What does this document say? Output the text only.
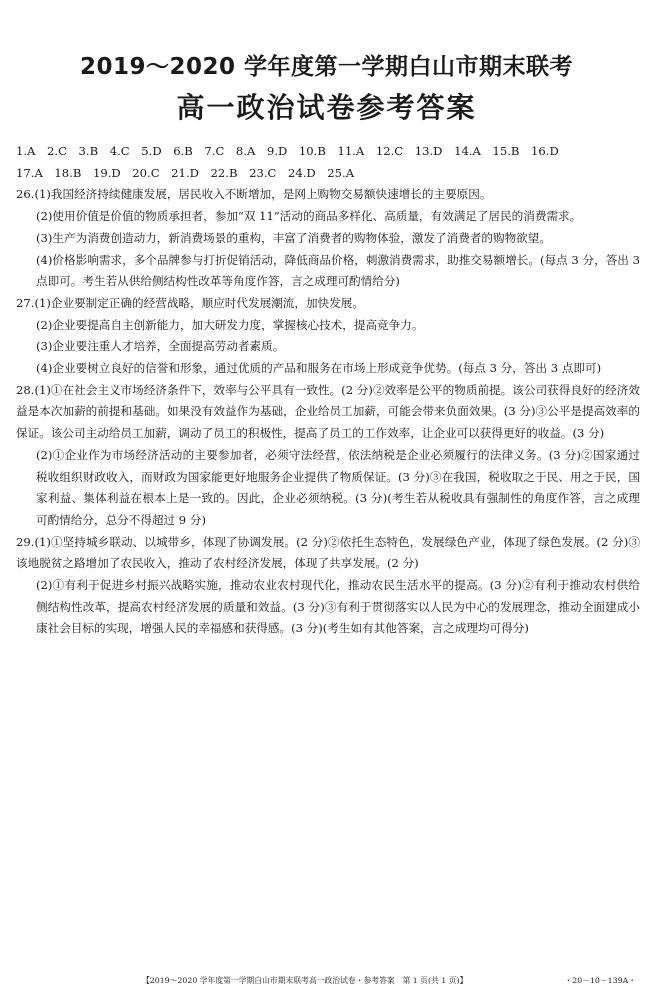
2019～2020 学年度第一学期白山市期末联考
高一政治试卷参考答案
1.A　2.C　3.B　4.C　5.D　6.B　7.C　8.A　9.D　10.B　11.A　12.C　13.D　14.A　15.B　16.D
17.A　18.B　19.D　20.C　21.D　22.B　23.C　24.D　25.A

26.(1)我国经济持续健康发展，居民收入不断增加，是网上购物交易额快速增长的主要原因。

(2)使用价值是价值的物质承担者，参加“双 11”活动的商品多样化、高质量，有效满足了居民的消费需求。

(3)生产为消费创造动力，新消费场景的重构，丰富了消费者的购物体验，激发了消费者的购物欲望。

(4)价格影响需求，多个品牌参与打折促销活动，降低商品价格，刺激消费需求，助推交易额增长。(每点 3 分，答出 3 点即可。考生若从供给侧结构性改革等角度作答，言之成理可酌情给分)

27.(1)企业要制定正确的经营战略，顺应时代发展潮流，加快发展。

(2)企业要提高自主创新能力，加大研发力度，掌握核心技术，提高竞争力。

(3)企业要注重人才培养，全面提高劳动者素质。

(4)企业要树立良好的信誉和形象，通过优质的产品和服务在市场上形成竞争优势。(每点 3 分，答出 3 点即可)

28.(1)①在社会主义市场经济条件下，效率与公平具有一致性。(2 分)②效率是公平的物质前提。该公司获得良好的经济效益是本次加薪的前提和基础。如果没有效益作为基础，企业给员工加薪，可能会带来负面效果。(3 分)③公平是提高效率的保证。该公司主动给员工加薪，调动了员工的积极性，提高了员工的工作效率，让企业可以获得更好的收益。(3 分)

(2)①企业作为市场经济活动的主要参加者，必须守法经营，依法纳税是企业必须履行的法律义务。(3 分)②国家通过税收组织财政收入，而财政为国家能更好地服务企业提供了物质保证。(3 分)③在我国，税收取之于民、用之于民，国家利益、集体利益在根本上是一致的。因此，企业必须纳税。(3 分)(考生若从税收具有强制性的角度作答，言之成理可酌情给分，总分不得超过 9 分)

29.(1)①坚持城乡联动、以城带乡，体现了协调发展。(2 分)②依托生态特色，发展绿色产业，体现了绿色发展。(2 分)③该地脱贫之路增加了农民收入，推动了农村经济发展，体现了共享发展。(2 分)

(2)①有利于促进乡村振兴战略实施，推动农业农村现代化，推动农民生活水平的提高。(3 分)②有利于推动农村供给侧结构性改革，提高农村经济发展的质量和效益。(3 分)③有利于贯彻落实以人民为中心的发展理念，推动全面建成小康社会目标的实现，增强人民的幸福感和获得感。(3 分)(考生如有其他答案，言之成理均可得分)

【2019～2020 学年度第一学期白山市期末联考高一政治试卷・参考答案　第 1 页(共 1 页)】	・20－10－139A・
